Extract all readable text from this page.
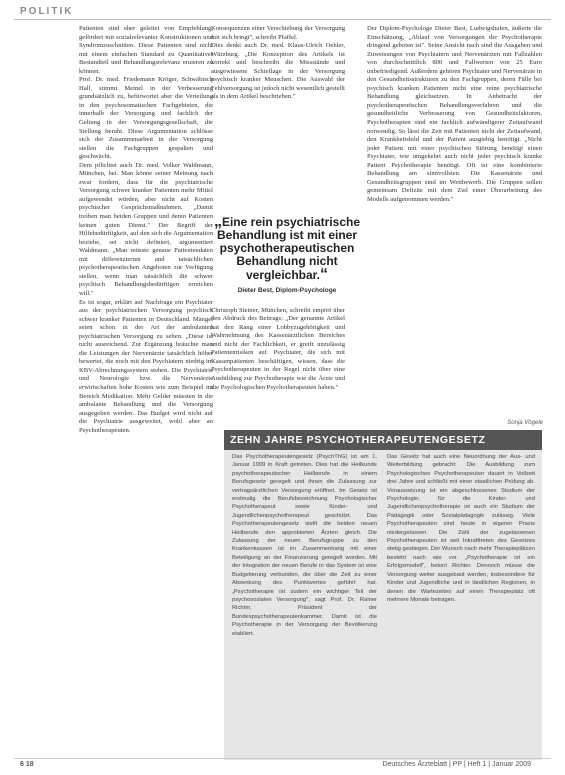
POLITIK

Patienten sind eher geleitet von Empfehlung, gefördert mit sozialrelevanter Konstruktionen und Syndromzuschnitten. Diese Patienten sind nicht mit einem einfachen Standard zu Quantitativer Bestandteil und Behandlungsrelevanz eruieren zu können.

Prof. Dr. med. Friedemann Kröger, Schwäbisch Hall, stimmt Meinel in der Verbesserung grundsätzlich zu, befürwortet aber die Verteilung in den psychosomatischen Fachgebieten, die innerhalb der Versorgung und fachlich der Geltung in der Versorgungsgesellschaft, die Stellung beruht. Diese Argumentation schlösse sich der Zusammenarbeit in der Versorgung stellen die Fachgruppen gespalten und geschwächt.

Dem pflichtet auch Dr. med. Volker Waldmann, München, bei. Man könne seiner Meinung nach zwar fordern, dass für die psychiatrische Versorgung schwer kranker Patienten mehr Mittel aufgewendet würden, aber nicht auf Kosten psychischer Gesprächsmaßnahmen. „Damit treiben man beiden Gruppen und deren Patienten keinen guten Dienst." Der Begriff der Hilfebedürftigkeit, auf den sich die Argumentation beziehe, sei nicht definiert, argumentiert Waldmann. „Man müsste genaue Patientendaten mit differenzierten und tatsächlichen psychotherapeutischen Angeboten zur Verfügung stellen, wenn man tatsächlich die schwer psychisch Behandlungsbedürftigen erreichen will."

Es ist sogar, erklärt auf Nachfrage ein Psychiater aus der psychiatrischen Versorgung psychisch schwer kranker Patienten in Deutschland. Mängel seien schon in der Art der ambulanten psychiatrischen Versorgung zu sehen. „Diese ist nicht ausreichend. Zur Ergänzung bräuchte man die Leistungen der Nervenärzte tatsächlich höher bewertet, die noch mit den Psychiatern niedrig im KBV-Abrechnungssystem stehen. Die Psychiatrie und Neurologie bzw. die Nervenärzte erwirtschaften hohe Kosten wie zum Beispiel im Bereich Medikation. Mehr Gelder müssten in die ambulante Behandlung und die Versorgung ausgegeben werden. Das Budget wird nicht auf die Psychiatrie ausgeweitet, wohl aber an Psychotherapeuten.

Konsequenzen einer Verschiebung der Versorgung mit sich bringt", schreibt Pfaffel.

Dies denkt auch Dr. med. Klaus-Ulrich Oehler, Würzburg. „Die Konzeption des Artikels ist korrekt und beschreibt die Missstände und ausgewiesene Schieflage in der Versorgung psychisch kranker Menschen. Die Auswahl der Fehlversorgung ist jedoch nicht wesentlich gestellt als in dem Artikel beschrieben."

„Eine rein psychiatrische Behandlung ist mit einer psychotherapeutischen Behandlung nicht vergleichbar.“
Dieter Best, Diplom-Psychologe

Christoph Steiner, München, schreibt empört über den Abdruck des Beitrags: „Der genannte Artikel hat den Rang einer Lobbyzugehörigkeit und Wahrnehmung des Kassenärztlichen Bereiches und nicht der Fachlichkeit, er greift unzulässig Patientenrisiken auf. Psychiater, die sich mit Kassenpatienten beschäftigen, wissen, dass die Psychotherapeuten in der Regel nicht über eine Ausbildung zur Psychotherapie wie die Ärzte und die Psychologischen Psychotherapeuten haben."

Der Diplom-Psychologe Dieter Best, Ludwigshafen, äußerte die Einschätzung, „Ablauf von Versorgungen der Psychotherapie dringend geboten ist". Seine Ansicht nach sind die Ausgaben und Zuweisungen von Psychiatern und Nervenärzten mit Fallzahlen von durchschnittlich 800 und Fallwerten von 25 Euro unbefriedigend. Außerdem gehören Psychiater und Nervenärzte in den Gesundheitsstrukturen zu den Fachgruppen, deren Fälle bei psychisch kranken Patienten nicht eine reine psychiatrische Behandlung gleichsetzen. In Anbetracht der psychotherapeutischen Behandlungsverfahren und die gesundheitliche Verbesserung von Gesundheitsfaktoren, Psychotherapien sind ein fachlich aufwändigerer Zeitaufwand notwendig. So lässt die Zeit mit Patienten nicht der Zeitaufwand, den Krankheitsbild und der Patient ausgiebig benötigt. „Nicht jeder Patient mit einer psychischen Störung benötigt einen Psychiater, wie umgekehrt auch nicht jeder psychisch kranke Patient Psychotherapie benötigt. Oft ist eine kombinierte Behandlung am sinnvollsten. Die Kassenärzte und Gesundheitsgruppen sind im Wettbewerb. Die Gruppen sollen gemeinsam Defizite mit dem Ziel einer Überarbeitung des Modells aufgenommen werden."

Sonja Vögele
ZEHN JAHRE PSYCHOTHERAPEUTENGESETZ
Das Psychotherapeutengesetz (PsychThG) ist am 1. Januar 1999 in Kraft getreten. Dies hat die Heilkunde psychotherapeutischer Heilberufe in einem Berufsgesetz geregelt und ihnen die Zulassung zur vertragsärztlichen Versorgung eröffnet. Im Gesetz ist erstmalig die Berufsbezeichnung Psychologischer Psychotherapeut sowie Kinder- und Jugendlichenpsychotherapeut geschützt. Das Psychotherapeutengesetz stellt die beiden neuen Heilberufe den approbierten Ärzten gleich. Die Zulassung der neuen Berufsgruppe zu den Krankenkassen ist im Zusammenhang mit einer Beteiligung an der Finanzierung geregelt worden. Mit der Integration der neuen Berufe in das System ist eine Budgetierung verbunden, die über die Zeit zu einer Absenkung des Punktwertes geführt hat. „Psychotherapie ist zudem ein wichtiger Teil der psychosozialen Versorgung", sagt Prof. Dr. Rainer Richter, Präsident der Bundespsychotherapeutenkammer. Damit ist die Psychotherapie in der Versorgung der Bevölkerung etabliert.
Das Gesetz hat auch eine Neuordnung der Aus- und Weiterbildung gebracht: Die Ausbildung zum Psychologischen Psychotherapeuten dauert in Vollzeit drei Jahre und schließt mit einer staatlichen Prüfung ab. Voraussetzung ist ein abgeschlossenes Studium der Psychologie; für die Kinder- und Jugendlichenpsychotherapie ist auch ein Studium der Pädagogik oder Sozialpädagogik zulässig. Viele Psychotherapeuten sind heute in eigener Praxis niedergelassen. Die Zahl der zugelassenen Psychotherapeuten ist seit Inkrafttreten des Gesetzes stetig gestiegen. Der Wunsch nach mehr Therapieplätzen besteht nach wie vor. „Psychotherapie ist ein Erfolgsmodell", betont Richter. Dennoch müsse die Versorgung weiter ausgebaut werden, insbesondere für Kinder und Jugendliche und in ländlichen Regionen, in denen die Wartezeiten auf einen Therapieplatz oft mehrere Monate betragen.
6 18	Deutsches Ärzteblatt | PP | Heft 1 | Januar 2009
